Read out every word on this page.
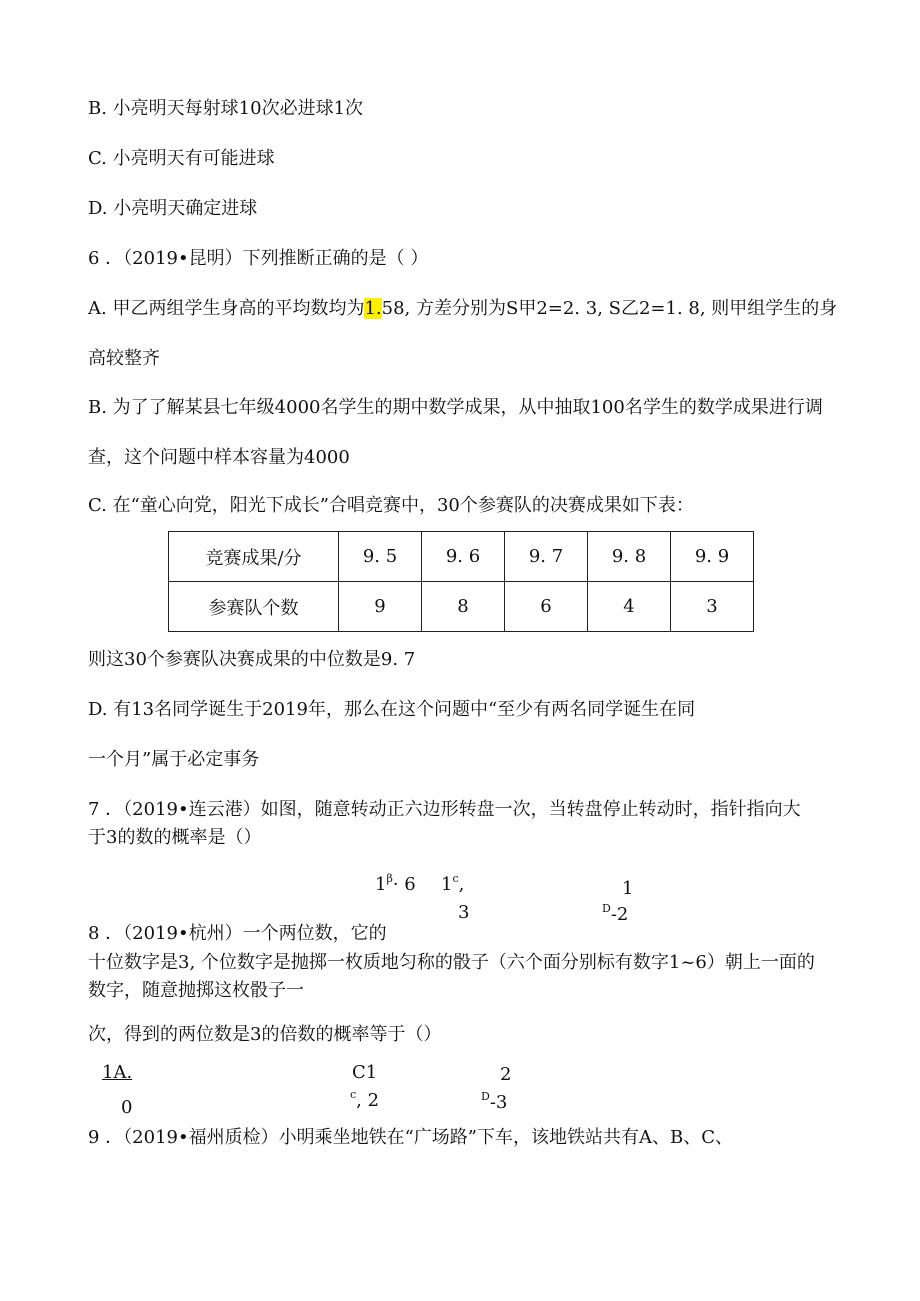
B. 小亮明天每射球10次必进球1次
C. 小亮明天有可能进球
D. 小亮明天确定进球
6 ．（2019•昆明）下列推断正确的是（ ）
A. 甲乙两组学生身高的平均数均为1.58, 方差分别为S甲2=2. 3, S乙2=1. 8, 则甲组学生的身
高较整齐
B. 为了了解某县七年级4000名学生的期中数学成果，从中抽取100名学生的数学成果进行调
查，这个问题中样本容量为4000
C. 在“童心向党，阳光下成长”合唱竞赛中，30个参赛队的决赛成果如下表：
竞赛成果/分	9. 5	9. 6	9. 7	9. 8	9. 9
参赛队个数	9	8	6	4	3
则这30个参赛队决赛成果的中位数是9. 7
D. 有13名同学诞生于2019年，那么在这个问题中“至少有两名同学诞生在同
一个月”属于必定事务
7 ．（2019•连云港）如图，随意转动正六边形转盘一次，当转盘停止转动时，指针指向大
于3的数的概率是（）
$1^\beta\cdot 6$ 1$^c$,
3
1
$^D$-2
8 ．（2019•杭州）一个两位数，它的
十位数字是3, 个位数字是抛掷一枚质地匀称的骰子（六个面分别标有数字1~6）朝上一面的
数字，随意抛掷这枚骰子一
次，得到的两位数是3的倍数的概率等于（）
1A.
0
C1
$^c$, 2
2
$^D$-3
9 ．（2019•福州质检）小明乘坐地铁在“广场路”下车，该地铁站共有A、B、C、
